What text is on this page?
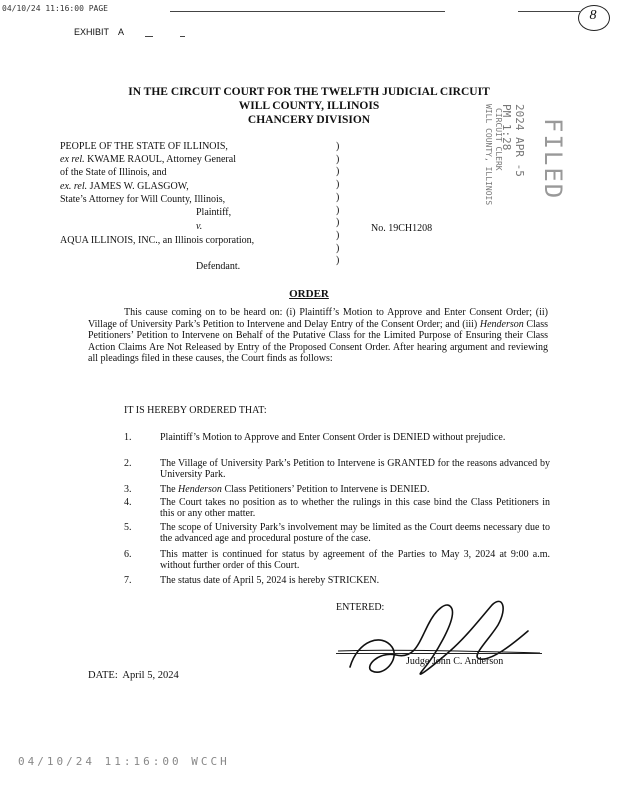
04/10/24 11:16:00 PAGE	8
EXHIBIT A
IN THE CIRCUIT COURT FOR THE TWELFTH JUDICIAL CIRCUIT
WILL COUNTY, ILLINOIS
CHANCERY DIVISION	FILED
2024 APR -5 PM 1:28
CIRCUIT CLERK
WILL COUNTY, ILLINOIS
PEOPLE OF THE STATE OF ILLINOIS,
ex rel. KWAME RAOUL, Attorney General
of the State of Illinois, and
ex. rel. JAMES W. GLASGOW,
State’s Attorney for Will County, Illinois,
Plaintiff,
v.
AQUA ILLINOIS, INC., an Illinois corporation,
Defendant.
)
)
)
)
)
)
)
)
)
)
No. 19CH1208
ORDER
This cause coming on to be heard on: (i) Plaintiff’s Motion to Approve and Enter Consent Order; (ii) Village of University Park’s Petition to Intervene and Delay Entry of the Consent Order; and (iii) Henderson Class Petitioners’ Petition to Intervene on Behalf of the Putative Class for the Limited Purpose of Ensuring their Class Action Claims Are Not Released by Entry of the Proposed Consent Order. After hearing argument and reviewing all pleadings filed in these causes, the Court finds as follows:
IT IS HEREBY ORDERED THAT:
1.	Plaintiff’s Motion to Approve and Enter Consent Order is DENIED without prejudice.
2.	The Village of University Park’s Petition to Intervene is GRANTED for the reasons advanced by University Park.
3.	The Henderson Class Petitioners’ Petition to Intervene is DENIED.
4.	The Court takes no position as to whether the rulings in this case bind the Class Petitioners in this or any other matter.
5.	The scope of University Park’s involvement may be limited as the Court deems necessary due to the advanced age and procedural posture of the case.
6.	This matter is continued for status by agreement of the Parties to May 3, 2024 at 9:00 a.m. without further order of this Court.
7.	The status date of April 5, 2024 is hereby STRICKEN.
ENTERED:
Judge John C. Anderson
DATE:  April 5, 2024
04/10/24 11:16:00 WCCH
